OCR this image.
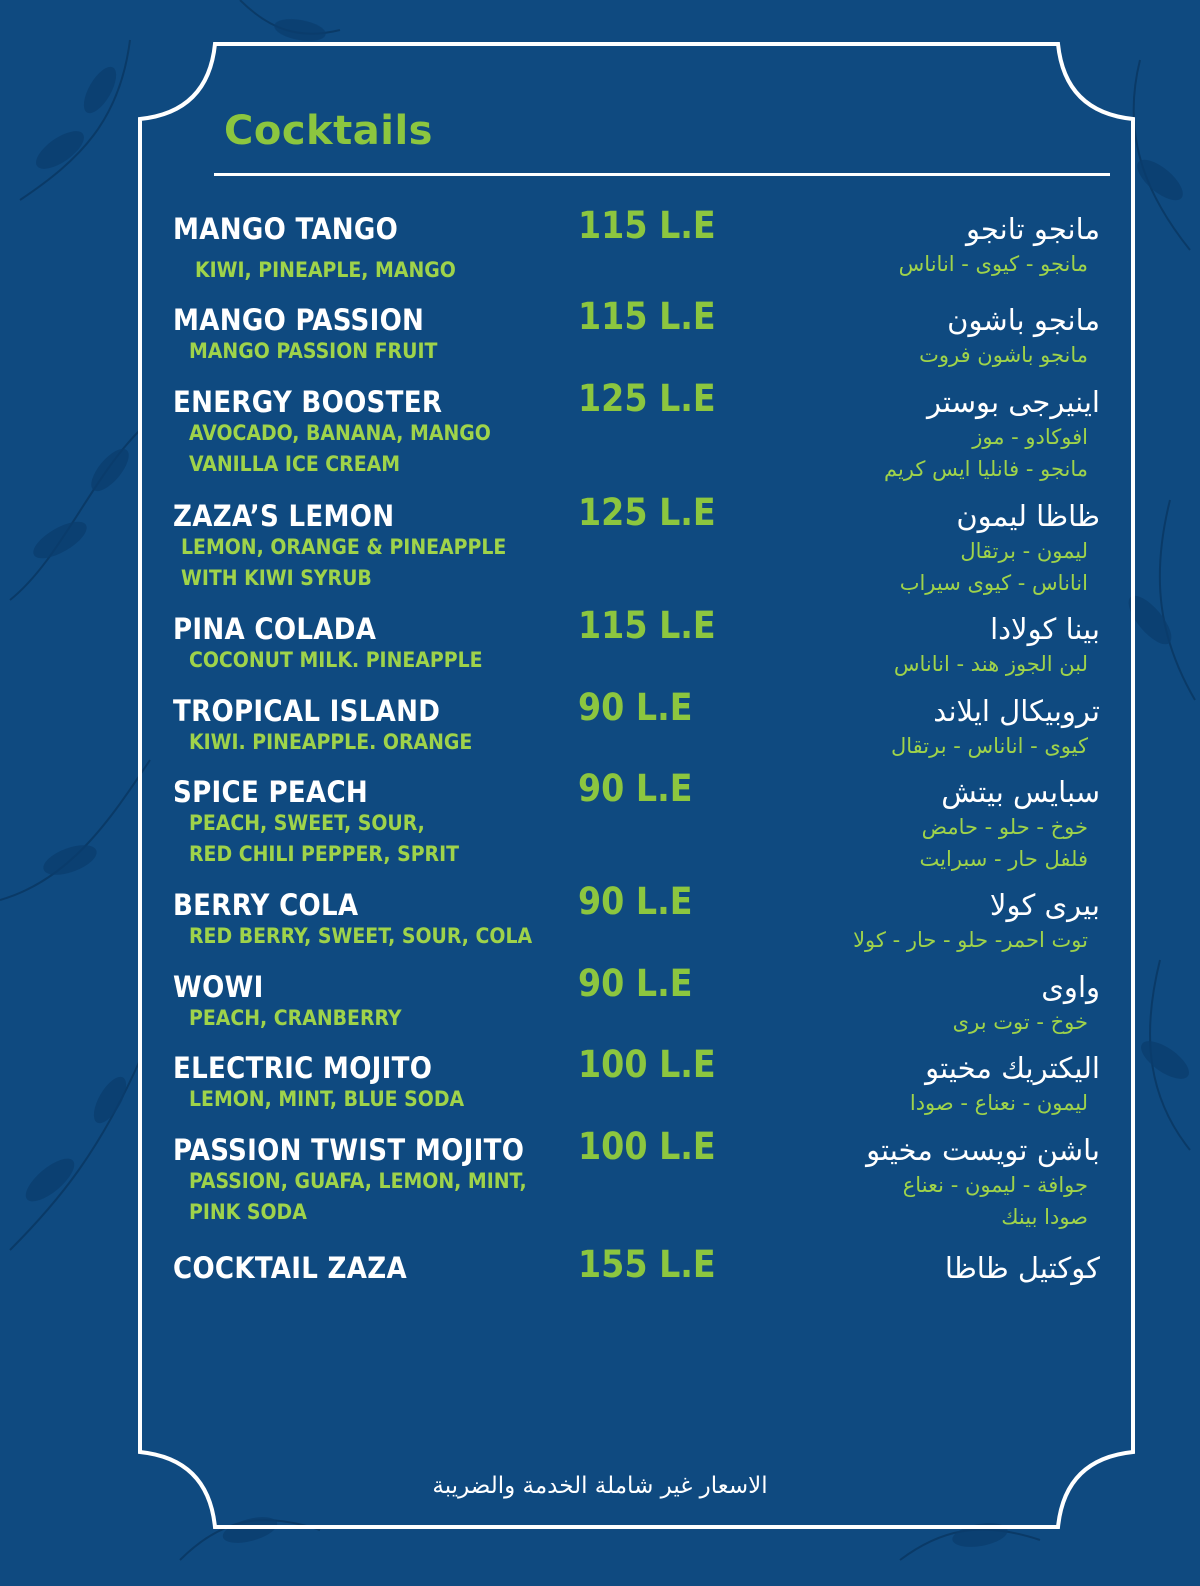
Cocktails
MANGO TANGO
KIWI, PINEAPLE, MANGO
115 L.E	مانجو تانجو
مانجو - كيوى - اناناس
MANGO PASSION
MANGO PASSION FRUIT
115 L.E	مانجو باشون
مانجو باشون فروت
ENERGY BOOSTER
AVOCADO, BANANA, MANGO
VANILLA ICE CREAM
125 L.E	اينيرجى بوستر
افوكادو - موز
مانجو - فانليا ايس كريم
ZAZA’S LEMON
LEMON, ORANGE & PINEAPPLE
WITH KIWI SYRUB
125 L.E	ظاظا ليمون
ليمون - برتقال
اناناس - كيوى سيراب
PINA COLADA
COCONUT MILK. PINEAPPLE
115 L.E	بينا كولادا
لبن الجوز هند - اناناس
TROPICAL ISLAND
KIWI. PINEAPPLE. ORANGE
90 L.E	تروبيكال ايلاند
كيوى - اناناس - برتقال
SPICE PEACH
PEACH, SWEET, SOUR,
RED CHILI PEPPER, SPRIT
90 L.E	سبايس بيتش
خوخ - حلو - حامض
فلفل حار - سبرايت
BERRY COLA
RED BERRY, SWEET, SOUR, COLA
90 L.E	بيرى كولا
توت احمر- حلو - حار - كولا
WOWI
PEACH, CRANBERRY
90 L.E	واوى
خوخ - توت برى
ELECTRIC MOJITO
LEMON, MINT, BLUE SODA
100 L.E	اليكتريك مخيتو
ليمون - نعناع - صودا
PASSION TWIST MOJITO
PASSION, GUAFA, LEMON, MINT,
PINK SODA
100 L.E	باشن تويست مخيتو
جوافة - ليمون - نعناع
صودا بينك
COCKTAIL ZAZA	155 L.E	كوكتيل ظاظا
الاسعار غير شاملة الخدمة والضريبة
